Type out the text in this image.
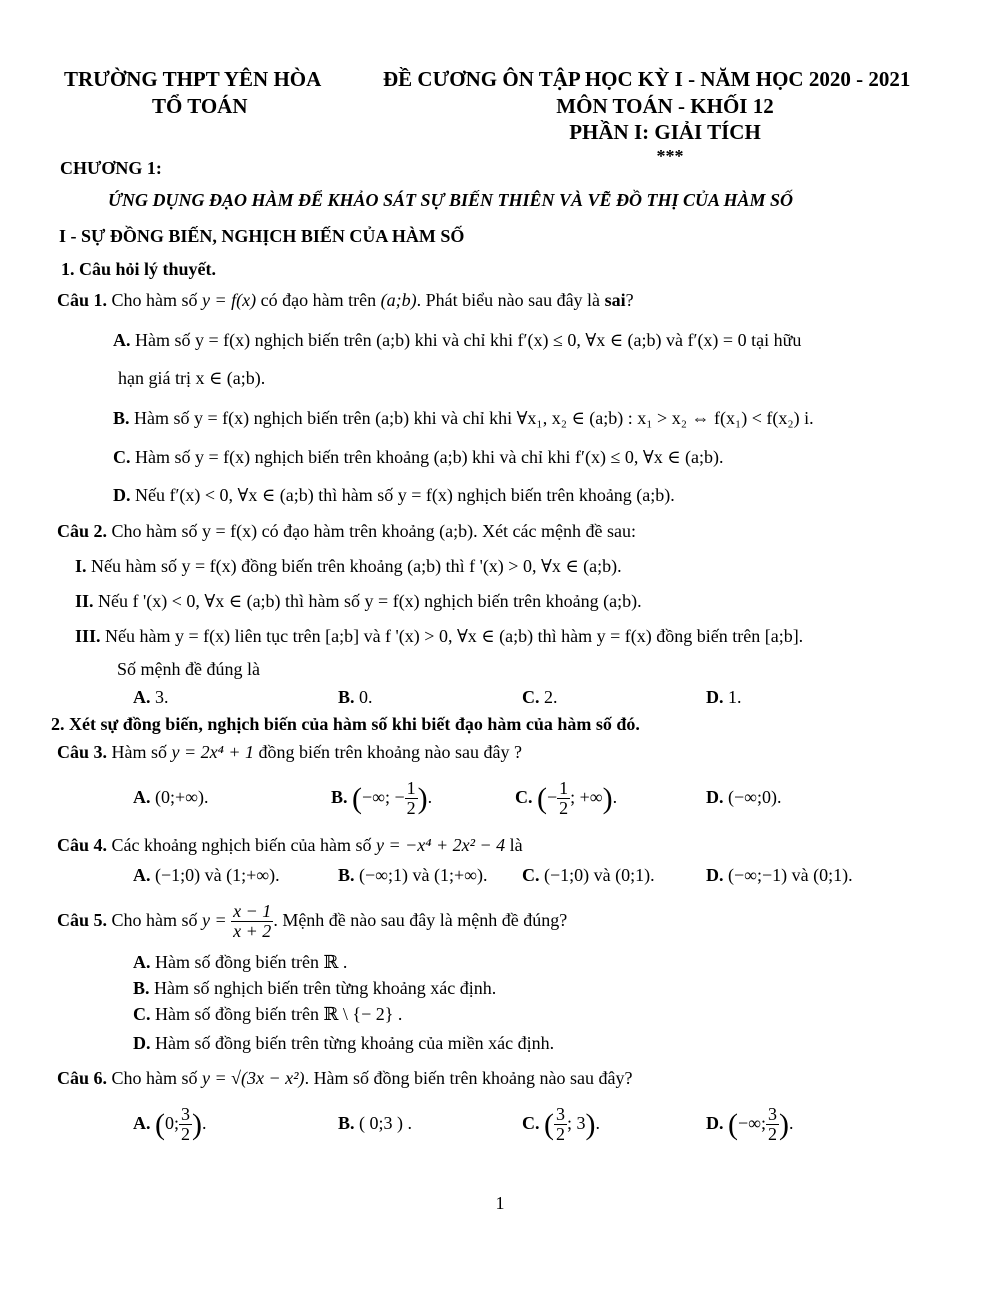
TRƯỜNG THPT YÊN HÒA
TỔ TOÁN
ĐỀ CƯƠNG ÔN TẬP HỌC KỲ I - NĂM HỌC 2020 - 2021
MÔN TOÁN - KHỐI 12
PHẦN I: GIẢI TÍCH
***
CHƯƠNG 1:
ỨNG DỤNG ĐẠO HÀM ĐỂ KHẢO SÁT SỰ BIẾN THIÊN VÀ VẼ ĐỒ THỊ CỦA HÀM SỐ
I - SỰ ĐỒNG BIẾN, NGHỊCH BIẾN CỦA HÀM SỐ
1. Câu hỏi lý thuyết.
Câu 1. Cho hàm số y = f(x) có đạo hàm trên (a;b). Phát biểu nào sau đây là sai?
A. Hàm số y = f(x) nghịch biến trên (a;b) khi và chỉ khi f′(x) ≤ 0, ∀x ∈ (a;b) và f′(x) = 0 tại hữu
hạn giá trị x ∈ (a;b).
B. Hàm số y = f(x) nghịch biến trên (a;b) khi và chỉ khi ∀x₁, x₂ ∈ (a;b) : x₁ > x₂ ⇔ f(x₁) < f(x₂) i.
C. Hàm số y = f(x) nghịch biến trên khoảng (a;b) khi và chỉ khi f′(x) ≤ 0, ∀x ∈ (a;b).
D. Nếu f′(x) < 0, ∀x ∈ (a;b) thì hàm số y = f(x) nghịch biến trên khoảng (a;b).
Câu 2. Cho hàm số y = f(x) có đạo hàm trên khoảng (a;b). Xét các mệnh đề sau:
I. Nếu hàm số y = f(x) đồng biến trên khoảng (a;b) thì f '(x) > 0, ∀x ∈ (a;b).
II. Nếu f '(x) < 0, ∀x ∈ (a;b) thì hàm số y = f(x) nghịch biến trên khoảng (a;b).
III. Nếu hàm y = f(x) liên tục trên [a;b] và f '(x) > 0, ∀x ∈ (a;b) thì hàm y = f(x) đồng biến trên [a;b].
Số mệnh đề đúng là
A. 3.	B. 0.	C. 2.	D. 1.
2. Xét sự đồng biến, nghịch biến của hàm số khi biết đạo hàm của hàm số đó.
Câu 3. Hàm số y = 2x⁴ + 1 đồng biến trên khoảng nào sau đây ?
A. (0;+∞).	B. (−∞; − $\frac{1}{2}$ ).	C. (− $\frac{1}{2}$ ; +∞).	D. (−∞;0).
Câu 4. Các khoảng nghịch biến của hàm số y = −x⁴ + 2x² − 4 là
A. (−1;0) và (1;+∞).	B. (−∞;1) và (1;+∞). C. (−1;0) và (0;1).	D. (−∞;−1) và (0;1).
Câu 5. Cho hàm số $y = \frac{x - 1}{x + 2}$ . Mệnh đề nào sau đây là mệnh đề đúng?
A. Hàm số đồng biến trên ℝ .
B. Hàm số nghịch biến trên từng khoảng xác định.
C. Hàm số đồng biến trên ℝ \ {− 2} .
D. Hàm số đồng biến trên từng khoảng của miền xác định.
Câu 6. Cho hàm số y = √(3x − x²). Hàm số đồng biến trên khoảng nào sau đây?
A. (0; $\frac{3}{2}$ ).	B. ( 0;3 ) .	C. ( $\frac{3}{2}$ ; 3).	D. (−∞; $\frac{3}{2}$ ).
1
